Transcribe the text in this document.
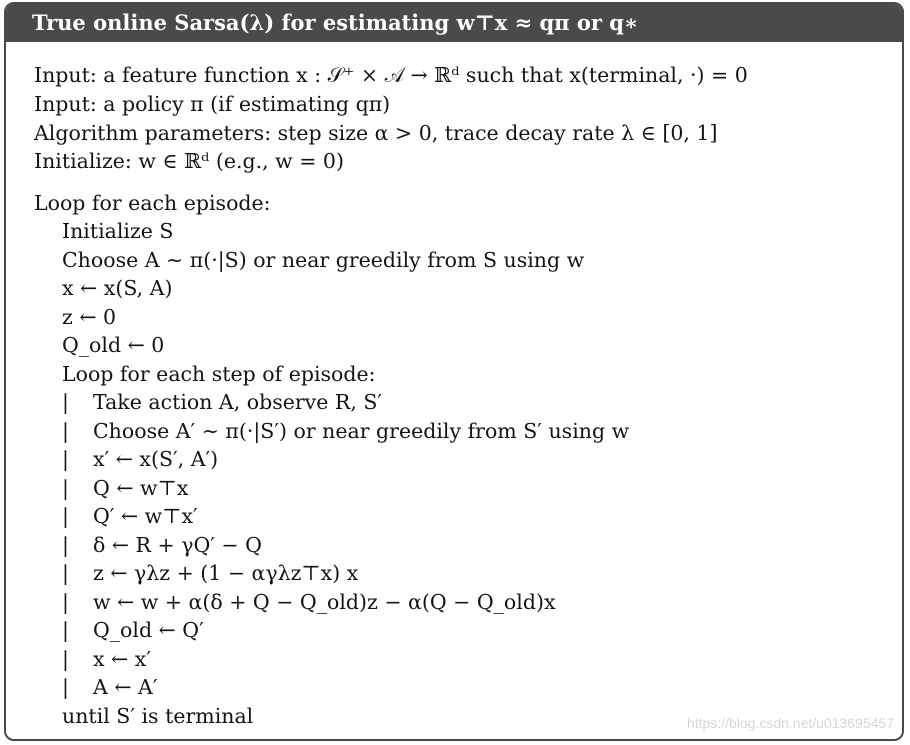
True online Sarsa(λ) for estimating w⊤x ≈ qπ or q∗
Input: a feature function x : 𝒮⁺ × 𝒜 → ℝᵈ such that x(terminal, ·) = 0
Input: a policy π (if estimating qπ)
Algorithm parameters: step size α > 0, trace decay rate λ ∈ [0, 1]
Initialize: w ∈ ℝᵈ (e.g., w = 0)
Loop for each episode:
Initialize S
Choose A ∼ π(·|S) or near greedily from S using w
x ← x(S, A)
z ← 0
Q_old ← 0
Loop for each step of episode:
| Take action A, observe R, S′
| Choose A′ ∼ π(·|S′) or near greedily from S′ using w
| x′ ← x(S′, A′)
| Q ← w⊤x
| Q′ ← w⊤x′
| δ ← R + γQ′ − Q
| z ← γλz + (1 − αγλz⊤x) x
| w ← w + α(δ + Q − Q_old)z − α(Q − Q_old)x
| Q_old ← Q′
| x ← x′
| A ← A′
until S′ is terminal	https://blog.csdn.net/u013695457
